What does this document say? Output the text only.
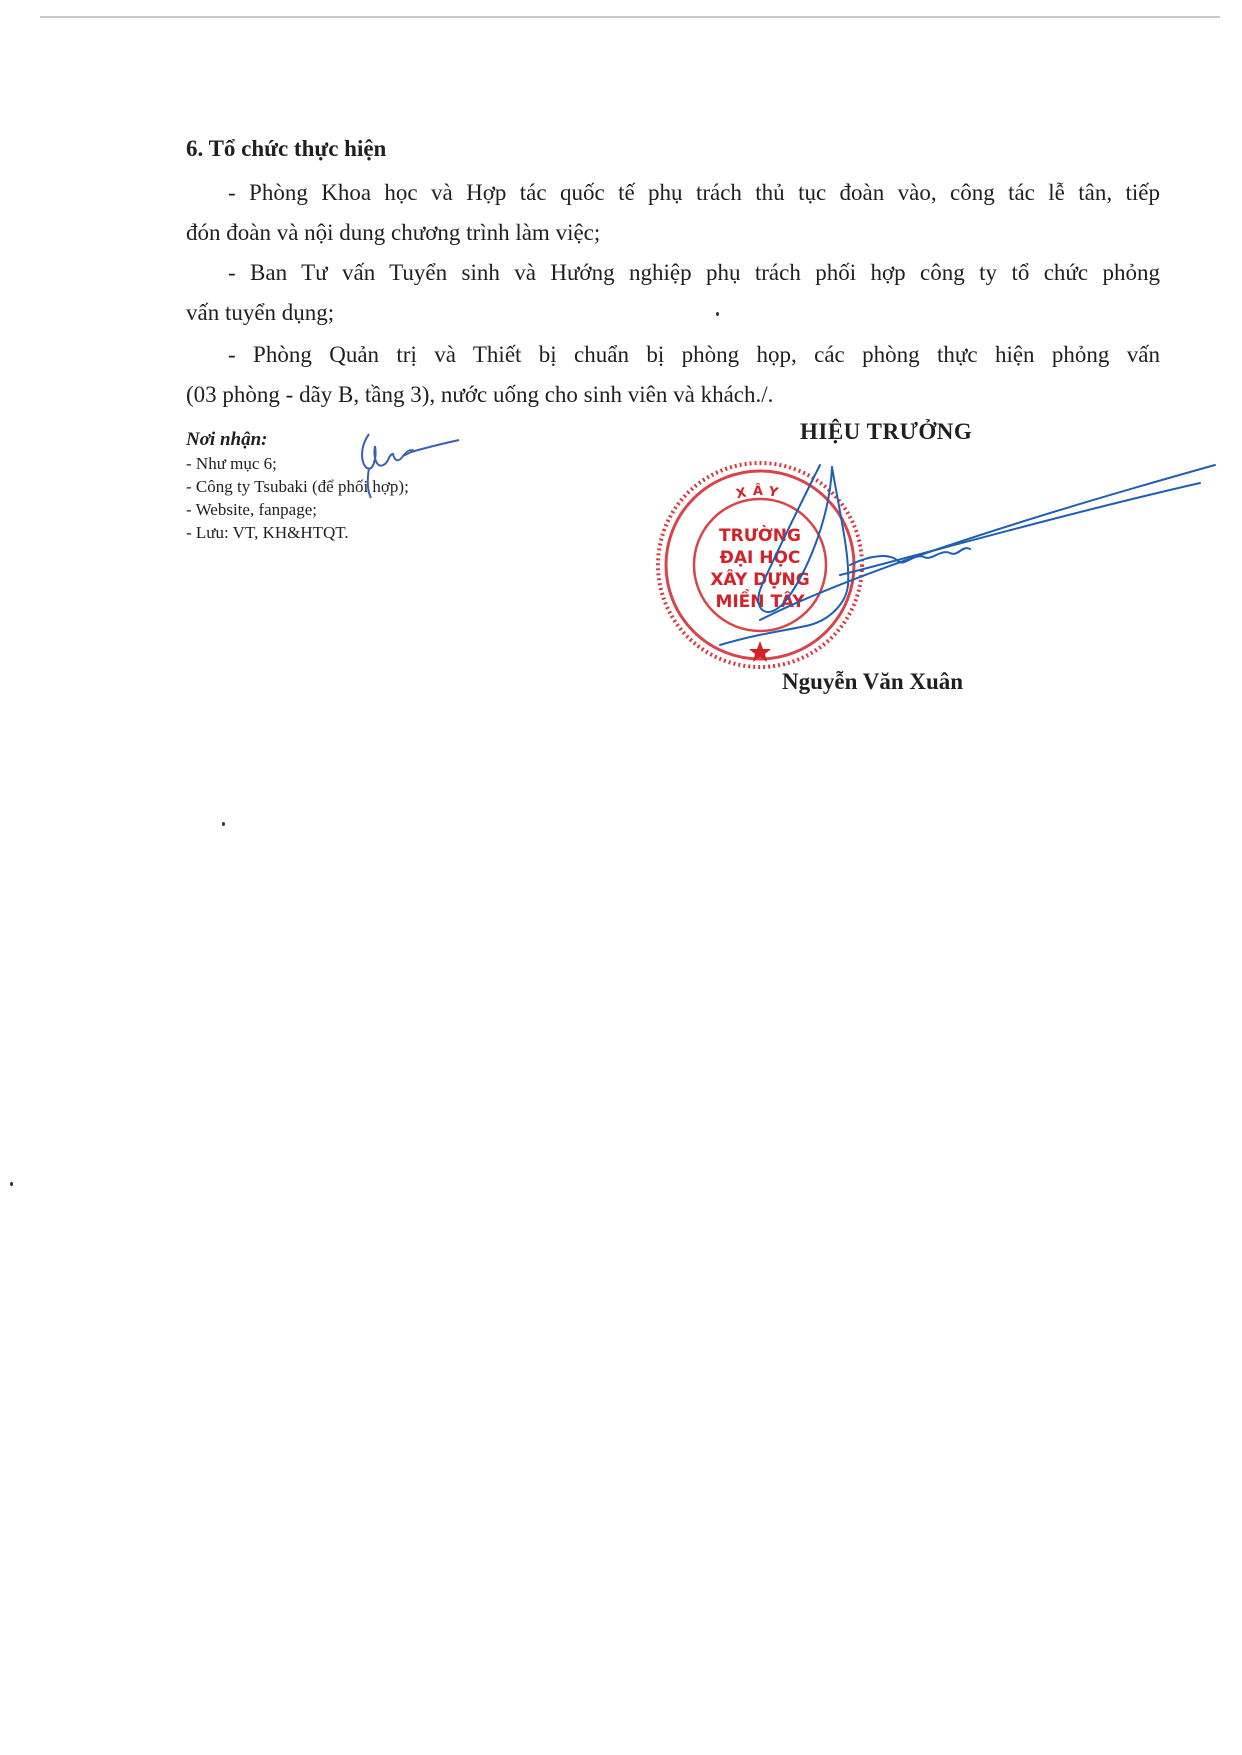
6. Tổ chức thực hiện

- Phòng Khoa học và Hợp tác quốc tế phụ trách thủ tục đoàn vào, công tác lễ tân, tiếp
đón đoàn và nội dung chương trình làm việc;

- Ban Tư vấn Tuyển sinh và Hướng nghiệp phụ trách phối hợp công ty tổ chức phỏng
vấn tuyển dụng;

- Phòng Quản trị và Thiết bị chuẩn bị phòng họp, các phòng thực hiện phỏng vấn
(03 phòng - dãy B, tầng 3), nước uống cho sinh viên và khách./.

Nơi nhận:
- Như mục 6;
- Công ty Tsubaki (để phối hợp);
- Website, fanpage;
- Lưu: VT, KH&HTQT.
HIỆU TRƯỞNG
XÂY
TRƯỜNG
ĐẠI HỌC
XÂY DỰNG
MIỀN TÂY
Nguyễn Văn Xuân
